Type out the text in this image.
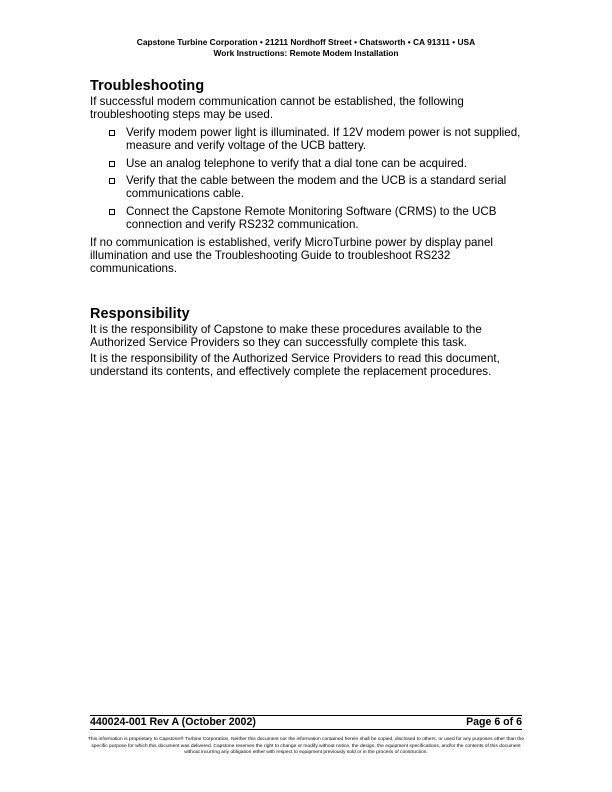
Capstone Turbine Corporation • 21211 Nordhoff Street • Chatsworth • CA 91311 • USA
Work Instructions: Remote Modem Installation
Troubleshooting

If successful modem communication cannot be established, the following troubleshooting steps may be used.

Verify modem power light is illuminated. If 12V modem power is not supplied, measure and verify voltage of the UCB battery.
Use an analog telephone to verify that a dial tone can be acquired.
Verify that the cable between the modem and the UCB is a standard serial communications cable.
Connect the Capstone Remote Monitoring Software (CRMS) to the UCB connection and verify RS232 communication.

If no communication is established, verify MicroTurbine power by display panel illumination and use the Troubleshooting Guide to troubleshoot RS232 communications.

Responsibility

It is the responsibility of Capstone to make these procedures available to the Authorized Service Providers so they can successfully complete this task.

It is the responsibility of the Authorized Service Providers to read this document, understand its contents, and effectively complete the replacement procedures.

440024-001 Rev A (October 2002)	Page 6 of 6
This information is proprietary to Capstone® Turbine Corporation. Neither this document nor the information contained herein shall be copied, disclosed to others, or used for any purposes other than the specific purpose for which this document was delivered. Capstone reserves the right to change or modify without notice, the design, the equipment specifications, and/or the contents of this document without incurring any obligation either with respect to equipment previously sold or in the process of construction.
